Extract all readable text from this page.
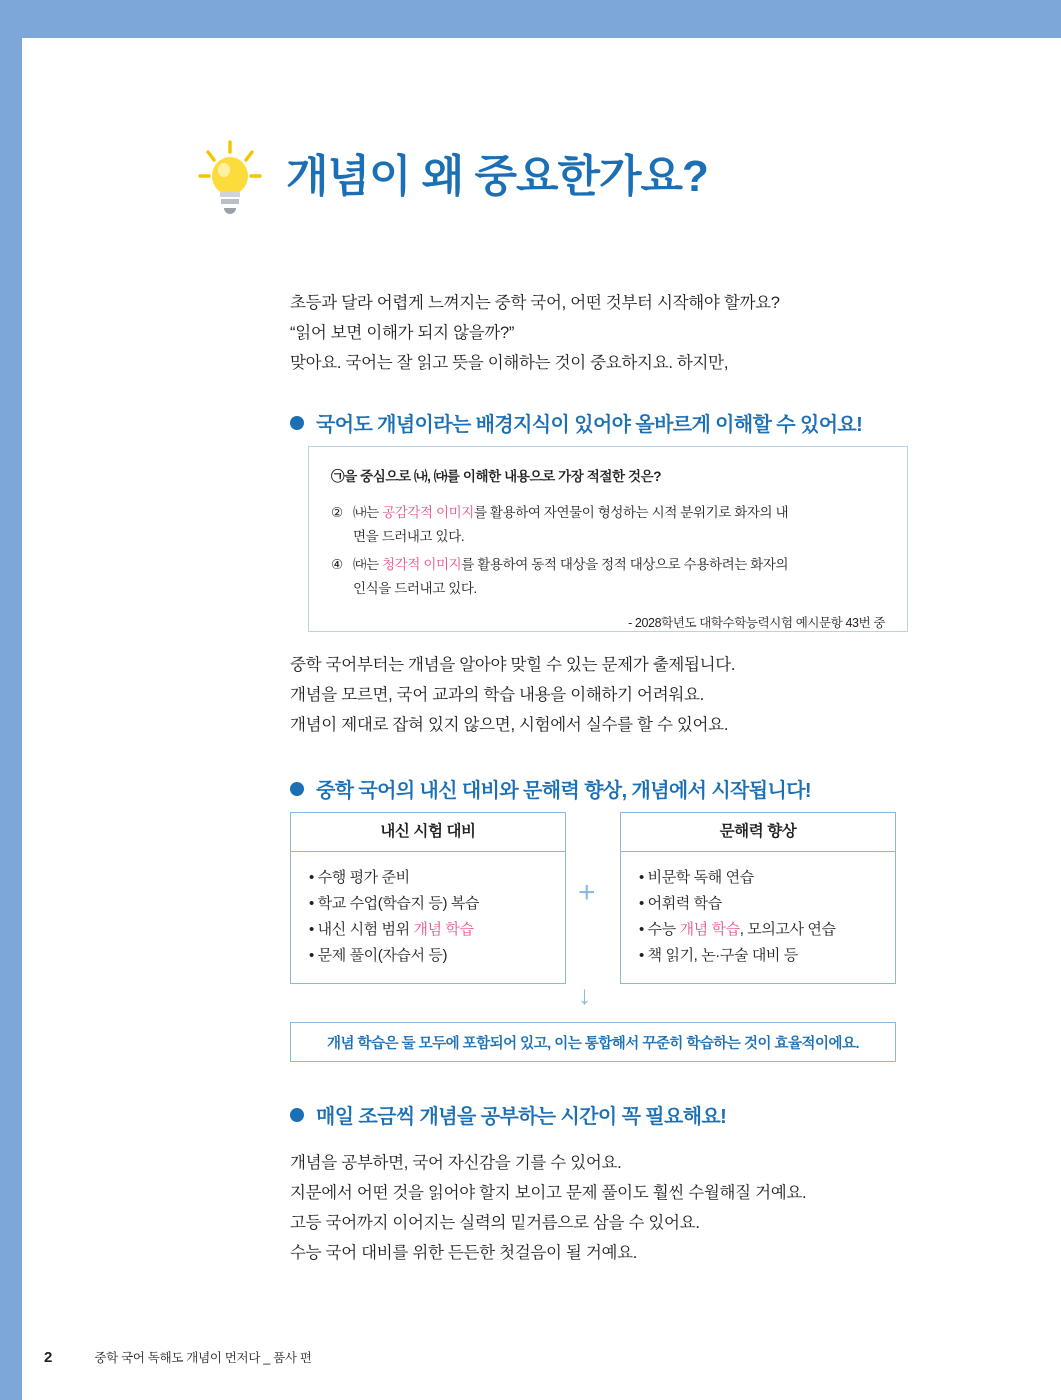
개념이 왜 중요한가요?
초등과 달라 어렵게 느껴지는 중학 국어, 어떤 것부터 시작해야 할까요?
“읽어 보면 이해가 되지 않을까?”
맞아요. 국어는 잘 읽고 뜻을 이해하는 것이 중요하지요. 하지만,
국어도 개념이라는 배경지식이 있어야 올바르게 이해할 수 있어요!
㉠을 중심으로 ㈏, ㈐를 이해한 내용으로 가장 적절한 것은?
② ㈏는 공감각적 이미지를 활용하여 자연물이 형성하는 시적 분위기로 화자의 내
면을 드러내고 있다.
④ ㈐는 청각적 이미지를 활용하여 동적 대상을 정적 대상으로 수용하려는 화자의
인식을 드러내고 있다.
- 2028학년도 대학수학능력시험 예시문항 43번 중
중학 국어부터는 개념을 알아야 맞힐 수 있는 문제가 출제됩니다.
개념을 모르면, 국어 교과의 학습 내용을 이해하기 어려워요.
개념이 제대로 잡혀 있지 않으면, 시험에서 실수를 할 수 있어요.
중학 국어의 내신 대비와 문해력 향상, 개념에서 시작됩니다!
내신 시험 대비
• 수행 평가 준비
• 학교 수업(학습지 등) 복습
• 내신 시험 범위 개념 학습
• 문제 풀이(자습서 등)
+
문해력 향상
• 비문학 독해 연습
• 어휘력 학습
• 수능 개념 학습, 모의고사 연습
• 책 읽기, 논·구술 대비 등
↓
개념 학습은 둘 모두에 포함되어 있고, 이는 통합해서 꾸준히 학습하는 것이 효율적이에요.
매일 조금씩 개념을 공부하는 시간이 꼭 필요해요!
개념을 공부하면, 국어 자신감을 기를 수 있어요.
지문에서 어떤 것을 읽어야 할지 보이고 문제 풀이도 훨씬 수월해질 거예요.
고등 국어까지 이어지는 실력의 밑거름으로 삼을 수 있어요.
수능 국어 대비를 위한 든든한 첫걸음이 될 거예요.
2	중학 국어 독해도 개념이 먼저다 _ 품사 편
